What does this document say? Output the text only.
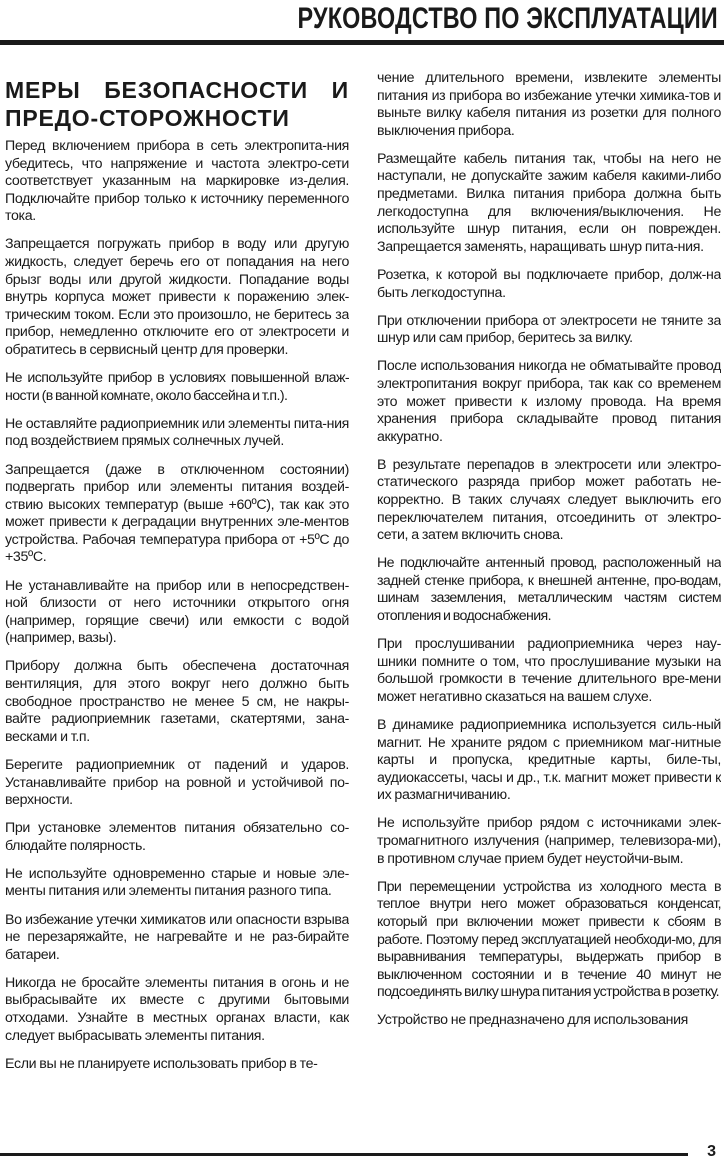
РУКОВОДСТВО ПО ЭКСПЛУАТАЦИИ
МЕРЫ БЕЗОПАСНОСТИ И ПРЕДО-СТОРОЖНОСТИ

Перед включением прибора в сеть электропита-ния убедитесь, что напряжение и частота электро-сети соответствует указанным на маркировке из-делия. Подключайте прибор только к источнику переменного тока.

Запрещается погружать прибор в воду или другую жидкость, следует беречь его от попадания на него брызг воды или другой жидкости. Попадание воды внутрь корпуса может привести к поражению элек-трическим током. Если это произошло, не беритесь за прибор, немедленно отключите его от электросети и обратитесь в сервисный центр для проверки.

Не используйте прибор в условиях повышенной влаж-ности (в ванной комнате, около бассейна и т.п.).

Не оставляйте радиоприемник или элементы пита-ния под воздействием прямых солнечных лучей.

Запрещается (даже в отключенном состоянии) подвергать прибор или элементы питания воздей-ствию высоких температур (выше +60ºС), так как это может привести к деградации внутренних эле-ментов устройства. Рабочая температура прибора от +5ºС до +35ºС.

Не устанавливайте на прибор или в непосредствен-ной близости от него источники открытого огня (например, горящие свечи) или емкости с водой (например, вазы).

Прибору должна быть обеспечена достаточная вентиляция, для этого вокруг него должно быть свободное пространство не менее 5 см, не накры-вайте радиоприемник газетами, скатертями, зана-весками и т.п.

Берегите радиоприемник от падений и ударов. Устанавливайте прибор на ровной и устойчивой по-верхности.

При установке элементов питания обязательно со-блюдайте полярность.

Не используйте одновременно старые и новые эле-менты питания или элементы питания разного типа.

Во избежание утечки химикатов или опасности взрыва не перезаряжайте, не нагревайте и не раз-бирайте батареи.

Никогда не бросайте элементы питания в огонь и не выбрасывайте их вместе с другими бытовыми отходами. Узнайте в местных органах власти, как следует выбрасывать элементы питания.

Если вы не планируете использовать прибор в те-

чение длительного времени, извлеките элементы питания из прибора во избежание утечки химика-тов и выньте вилку кабеля питания из розетки для полного выключения прибора.

Размещайте кабель питания так, чтобы на него не наступали, не допускайте зажим кабеля какими-либо предметами. Вилка питания прибора должна быть легкодоступна для включения/выключения. Не используйте шнур питания, если он поврежден. Запрещается заменять, наращивать шнур пита-ния.

Розетка, к которой вы подключаете прибор, долж-на быть легкодоступна.

При отключении прибора от электросети не тяните за шнур или сам прибор, беритесь за вилку.

После использования никогда не обматывайте провод электропитания вокруг прибора, так как со временем это может привести к излому провода. На время хранения прибора складывайте провод питания аккуратно.

В результате перепадов в электросети или электро-статического разряда прибор может работать не-корректно. В таких случаях следует выключить его переключателем питания, отсоединить от электро-сети, а затем включить снова.

Не подключайте антенный провод, расположенный на задней стенке прибора, к внешней антенне, про-водам, шинам заземления, металлическим частям систем отопления и водоснабжения.

При прослушивании радиоприемника через нау-шники помните о том, что прослушивание музыки на большой громкости в течение длительного вре-мени может негативно сказаться на вашем слухе.

В динамике радиоприемника используется силь-ный магнит. Не храните рядом с приемником маг-нитные карты и пропуска, кредитные карты, биле-ты, аудиокассеты, часы и др., т.к. магнит может привести к их размагничиванию.

Не используйте прибор рядом с источниками элек-тромагнитного излучения (например, телевизора-ми), в противном случае прием будет неустойчи-вым.

При перемещении устройства из холодного места в теплое внутри него может образоваться конденсат, который при включении может привести к сбоям в работе. Поэтому перед эксплуатацией необходи-мо, для выравнивания температуры, выдержать прибор в выключенном состоянии и в течение 40 минут не подсоединять вилку шнура питания устройства в розетку.

Устройство не предназначено для использования

3
